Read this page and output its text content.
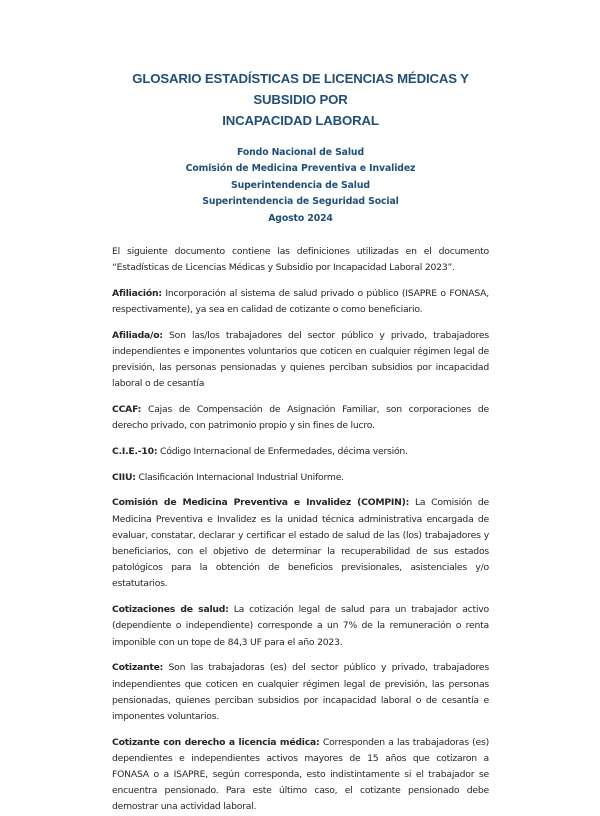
GLOSARIO ESTADÍSTICAS DE LICENCIAS MÉDICAS Y SUBSIDIO POR
INCAPACIDAD LABORAL
Fondo Nacional de Salud
Comisión de Medicina Preventiva e Invalidez
Superintendencia de Salud
Superintendencia de Seguridad Social
Agosto 2024

El siguiente documento contiene las definiciones utilizadas en el documento “Estadísticas de Licencias Médicas y Subsidio por Incapacidad Laboral 2023”.

Afiliación: Incorporación al sistema de salud privado o público (ISAPRE o FONASA, respectivamente), ya sea en calidad de cotizante o como beneficiario.

Afiliada/o: Son las/los trabajadores del sector público y privado, trabajadores independientes e imponentes voluntarios que coticen en cualquier régimen legal de previsión, las personas pensionadas y quienes perciban subsidios por incapacidad laboral o de cesantía

CCAF: Cajas de Compensación de Asignación Familiar, son corporaciones de derecho privado, con patrimonio propio y sin fines de lucro.

C.I.E.-10: Código Internacional de Enfermedades, décima versión.

CIIU: Clasificación Internacional Industrial Uniforme.

Comisión de Medicina Preventiva e Invalidez (COMPIN): La Comisión de Medicina Preventiva e Invalidez es la unidad técnica administrativa encargada de evaluar, constatar, declarar y certificar el estado de salud de las (los) trabajadores y beneficiarios, con el objetivo de determinar la recuperabilidad de sus estados patológicos para la obtención de beneficios previsionales, asistenciales y/o estatutarios.

Cotizaciones de salud: La cotización legal de salud para un trabajador activo (dependiente o independiente) corresponde a un 7% de la remuneración o renta imponible con un tope de 84,3 UF para el año 2023.

Cotizante: Son las trabajadoras (es) del sector público y privado, trabajadores independientes que coticen en cualquier régimen legal de previsión, las personas pensionadas, quienes perciban subsidios por incapacidad laboral o de cesantía e imponentes voluntarios.

Cotizante con derecho a licencia médica: Corresponden a las trabajadoras (es) dependientes e independientes activos mayores de 15 años que cotizaron a FONASA o a ISAPRE, según corresponda, esto indistintamente si el trabajador se encuentra pensionado. Para este último caso, el cotizante pensionado debe demostrar una actividad laboral.
